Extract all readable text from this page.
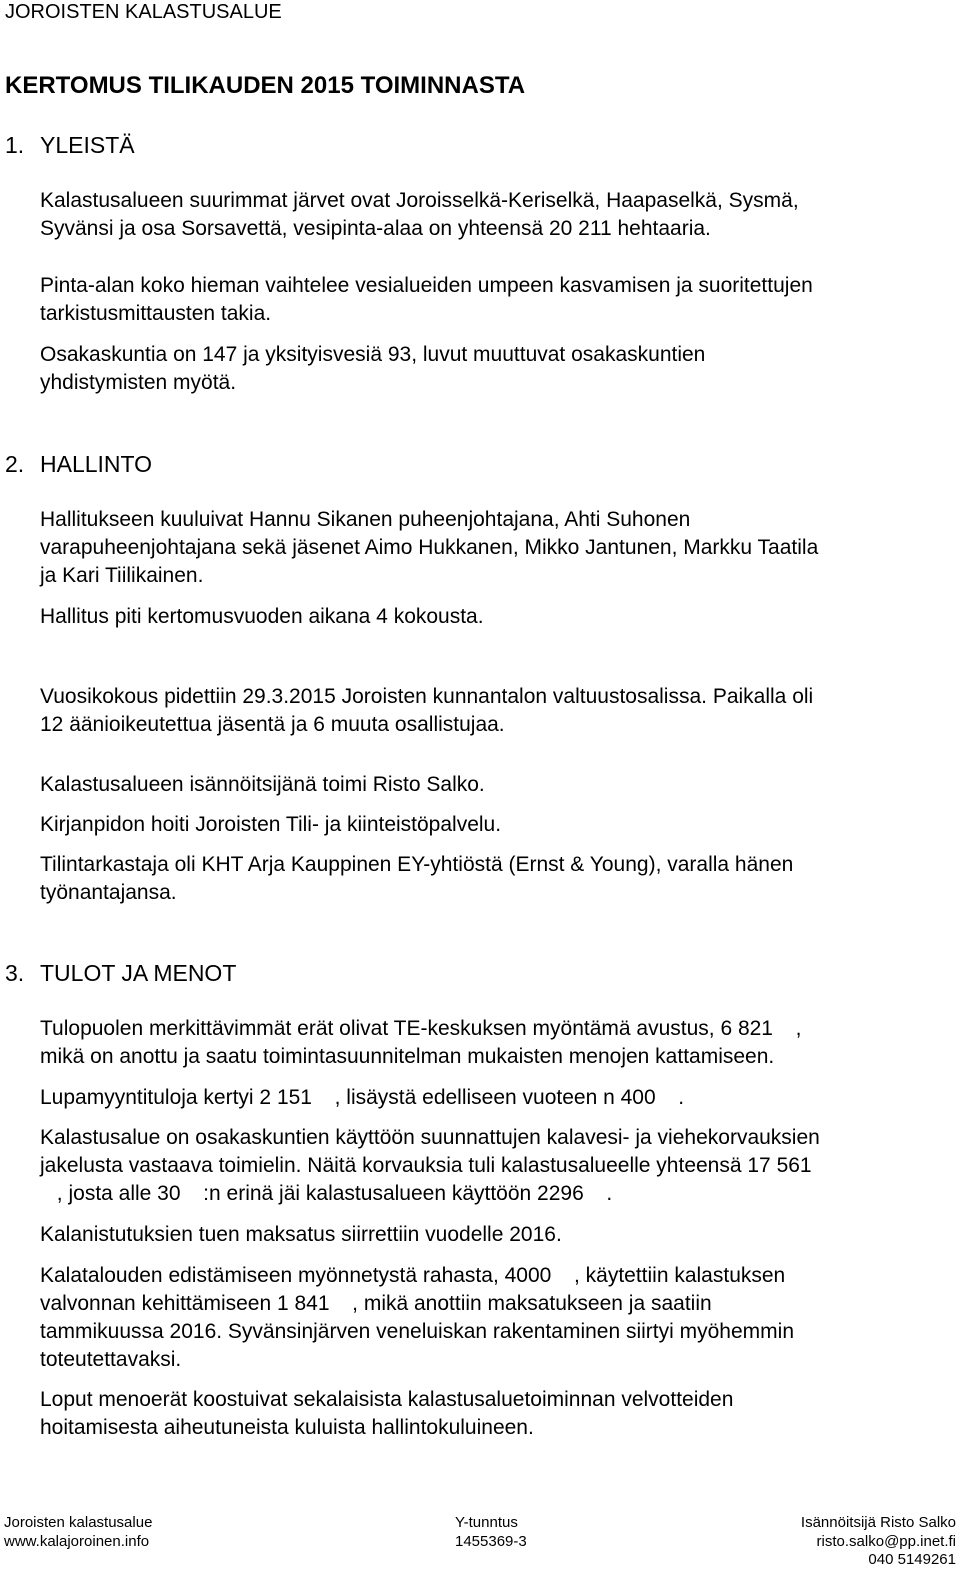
JOROISTEN KALASTUSALUE
KERTOMUS TILIKAUDEN 2015 TOIMINNASTA
1. YLEISTÄ
Kalastusalueen suurimmat järvet ovat Joroisselkä-Keriselkä, Haapaselkä, Sysmä,
Syvänsi ja osa Sorsavettä, vesipinta-alaa on yhteensä 20 211 hehtaaria.
Pinta-alan koko hieman vaihtelee vesialueiden umpeen kasvamisen ja suoritettujen
tarkistusmittausten takia.
Osakaskuntia on 147 ja yksityisvesiä 93, luvut muuttuvat osakaskuntien
yhdistymisten myötä.
2. HALLINTO
Hallitukseen kuuluivat Hannu Sikanen puheenjohtajana, Ahti Suhonen
varapuheenjohtajana sekä jäsenet Aimo Hukkanen, Mikko Jantunen, Markku Taatila
ja Kari Tiilikainen.
Hallitus piti kertomusvuoden aikana 4 kokousta.
Vuosikokous pidettiin 29.3.2015 Joroisten kunnantalon valtuustosalissa. Paikalla oli
12 äänioikeutettua jäsentä ja 6 muuta osallistujaa.
Kalastusalueen isännöitsijänä toimi Risto Salko.
Kirjanpidon hoiti Joroisten Tili- ja kiinteistöpalvelu.
Tilintarkastaja oli KHT Arja Kauppinen EY-yhtiöstä (Ernst & Young), varalla hänen
työnantajansa.
3. TULOT JA MENOT
Tulopuolen merkittävimmät erät olivat TE-keskuksen myöntämä avustus, 6 821 ,
mikä on anottu ja saatu toimintasuunnitelman mukaisten menojen kattamiseen.
Lupamyyntituloja kertyi 2 151 , lisäystä edelliseen vuoteen n 400 .
Kalastusalue on osakaskuntien käyttöön suunnattujen kalavesi- ja viehekorvauksien
jakelusta vastaava toimielin. Näitä korvauksia tuli kalastusalueelle yhteensä 17 561
, josta alle 30 :n erinä jäi kalastusalueen käyttöön 2296 .
Kalanistutuksien tuen maksatus siirrettiin vuodelle 2016.
Kalatalouden edistämiseen myönnetystä rahasta, 4000 , käytettiin kalastuksen
valvonnan kehittämiseen 1 841 , mikä anottiin maksatukseen ja saatiin
tammikuussa 2016. Syvänsinjärven veneluiskan rakentaminen siirtyi myöhemmin
toteutettavaksi.
Loput menoerät koostuivat sekalaisista kalastusaluetoiminnan velvotteiden
hoitamisesta aiheutuneista kuluista hallintokuluineen.
Joroisten kalastusalue
www.kalajoroinen.info
Y-tunntus
1455369-3
Isännöitsijä Risto Salko
risto.salko@pp.inet.fi
040 5149261
